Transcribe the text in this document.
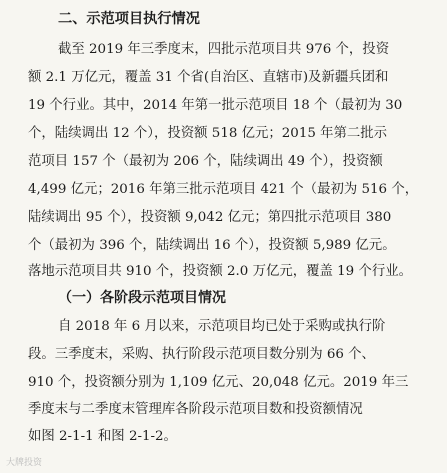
二、示范项目执行情况
截至 2019 年三季度末，四批示范项目共 976 个，投资
额 2.1 万亿元，覆盖 31 个省(自治区、直辖市)及新疆兵团和
19 个行业。其中，2014 年第一批示范项目 18 个（最初为 30
个，陆续调出 12 个），投资额 518 亿元；2015 年第二批示
范项目 157 个（最初为 206 个，陆续调出 49 个），投资额
4,499 亿元；2016 年第三批示范项目 421 个（最初为 516 个，
陆续调出 95 个），投资额 9,042 亿元；第四批示范项目 380
个（最初为 396 个，陆续调出 16 个），投资额 5,989 亿元。
落地示范项目共 910 个，投资额 2.0 万亿元，覆盖 19 个行业。
（一）各阶段示范项目情况
自 2018 年 6 月以来，示范项目均已处于采购或执行阶
段。三季度末，采购、执行阶段示范项目数分别为 66 个、
910 个，投资额分别为 1,109 亿元、20,048 亿元。2019 年三
季度末与二季度末管理库各阶段示范项目数和投资额情况
如图 2-1-1 和图 2-1-2。
大牌投资
